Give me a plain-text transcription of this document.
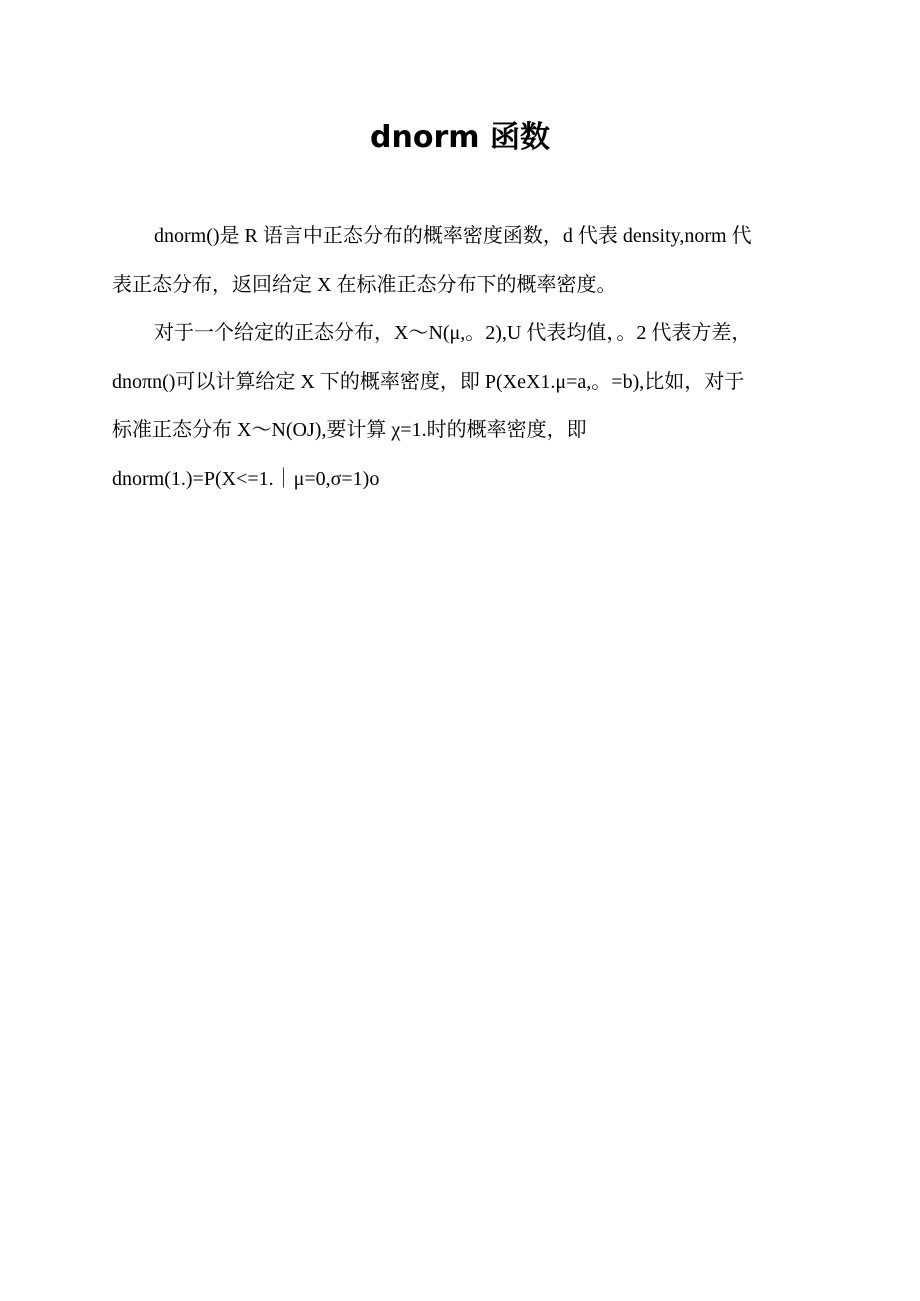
dnorm 函数

dnorm()是 R 语言中正态分布的概率密度函数，d 代表 density,norm 代
表正态分布，返回给定 X 在标准正态分布下的概率密度。

对于一个给定的正态分布，X～N(μ,。2),U 代表均值，。2 代表方差，
dnoπn()可以计算给定 X 下的概率密度，即 P(XeX1.μ=a,。=b),比如，对于
标准正态分布 X～N(OJ),要计算 χ=1.时的概率密度，即
dnorm(1.)=P(X<=1.｜μ=0,σ=1)o
